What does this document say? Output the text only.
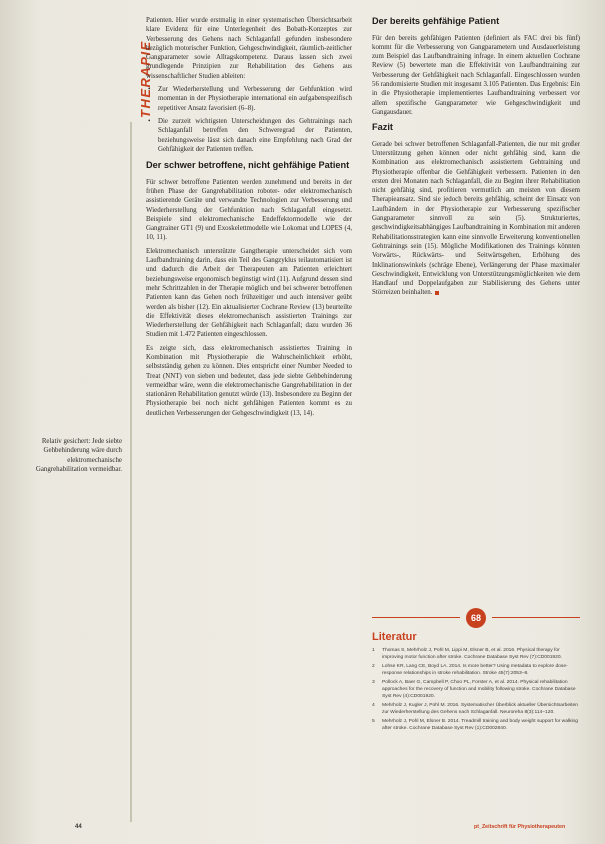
THERAPIE
Relativ gesichert: Jede siebte Gehbehinderung wäre durch elektromechanische Gangrehabilitation vermeidbar.

Patienten. Hier wurde erstmalig in einer systematischen Übersichtsarbeit klare Evidenz für eine Unterlegenheit des Bobath-Konzeptes zur Verbesserung des Gehens nach Schlaganfall gefunden insbesondere bezüglich motorischer Funktion, Gehgeschwindigkeit, räumlich-zeitlicher Gangparameter sowie Alltagskompetenz. Daraus lassen sich zwei grundlegende Prinzipien zur Rehabilitation des Gehens aus wissenschaftlicher Studien ableiten:

• Zur Wiederherstellung und Verbesserung der Gehfunktion wird momentan in der Physiotherapie international ein aufgabenspezifisch repetitiver Ansatz favorisiert (6–8).
• Die zurzeit wichtigsten Unterscheidungen des Gehtrainings nach Schlaganfall betreffen den Schweregrad der Patienten, beziehungsweise lässt sich danach eine Empfehlung nach Grad der Gehfähigkeit der Patienten treffen.
Der schwer betroffene, nicht gehfähige Patient

Für schwer betroffene Patienten werden zunehmend und bereits in der frühen Phase der Gangrehabilitation roboter- oder elektromechanisch assistierende Geräte und verwandte Technologien zur Verbesserung und Wiederherstellung der Gehfunktion nach Schlaganfall eingesetzt. Beispiele sind elektromechanische Endeffektormodelle wie der Gangtrainer GT1 (9) und Exoskelettmodelle wie Lokomat und LOPES (4, 10, 11).

Elektromechanisch unterstützte Gangtherapie unterscheidet sich vom Laufbandtraining darin, dass ein Teil des Gangzyklus teilautomatisiert ist und dadurch die Arbeit der Therapeuten am Patienten erleichtert beziehungsweise ergonomisch begünstigt wird (11). Aufgrund dessen sind mehr Schrittzahlen in der Therapie möglich und bei schwerer betroffenen Patienten kann das Gehen noch frühzeitiger und auch intensiver geübt werden als bisher (12). Ein aktualisierter Cochrane Review (13) beurteilte die Effektivität dieses elektromechanisch assistierten Trainings zur Wiederherstellung der Gehfähigkeit nach Schlaganfall; dazu wurden 36 Studien mit 1.472 Patienten eingeschlossen.

Es zeigte sich, dass elektromechanisch assistiertes Training in Kombination mit Physiotherapie die Wahrscheinlichkeit erhöht, selbstständig gehen zu können. Dies entspricht einer Number Needed to Treat (NNT) von sieben und bedeutet, dass jede siebte Gehbehinderung vermeidbar wäre, wenn die elektromechanische Gangrehabilitation in der stationären Rehabilitation genutzt würde (13). Insbesondere zu Beginn der Physiotherapie bei noch nicht gehfähigen Patienten kommt es zu deutlichen Verbesserungen der Gehgeschwindigkeit (13, 14).

Der bereits gehfähige Patient

Für den bereits gehfähigen Patienten (definiert als FAC drei bis fünf) kommt für die Verbesserung von Gangparametern und Ausdauerleistung zum Beispiel das Laufbandtraining infrage. In einem aktuellen Cochrane Review (5) bewertete man die Effektivität von Laufbandtraining zur Verbesserung der Gehfähigkeit nach Schlaganfall. Eingeschlossen wurden 56 randomisierte Studien mit insgesamt 3.105 Patienten. Das Ergebnis: Ein in die Physiotherapie implementiertes Laufbandtraining verbessert vor allem spezifische Gangparameter wie Gehgeschwindigkeit und Gangausdauer.

Fazit

Gerade bei schwer betroffenen Schlaganfall-Patienten, die nur mit großer Unterstützung gehen können oder nicht gehfähig sind, kann die Kombination aus elektromechanisch assistiertem Gehtraining und Physiotherapie offenbar die Gehfähigkeit verbessern. Patienten in den ersten drei Monaten nach Schlaganfall, die zu Beginn ihrer Rehabilitation nicht gehfähig sind, profitieren vermutlich am meisten von diesem Therapieansatz. Sind sie jedoch bereits gehfähig, scheint der Einsatz von Laufbändern in der Physiotherapie zur Verbesserung spezifischer Gangparameter sinnvoll zu sein (5). Strukturiertes, geschwindigkeitsabhängiges Laufbandtraining in Kombination mit anderen Rehabilitationsstrategien kann eine sinnvolle Erweiterung konventionellen Gehtrainings sein (15). Mögliche Modifikationen des Trainings könnten Vorwärts-, Rückwärts- und Seitwärtsgehen, Erhöhung des Inklinationswinkels (schräge Ebene), Verlängerung der Phase maximaler Geschwindigkeit, Entwicklung von Unterstützungsmöglichkeiten wie dem Handlauf und Doppelaufgaben zur Stabilisierung des Gehens unter Störreizen beinhalten.

68
Literatur
1 Thomas S, Mehrholz J, Pohl M, Lippi M, Elsner B, et al. 2016. Physical therapy for improving motor function after stroke. Cochrane Database Syst Rev (7):CD001920.
2 Lohse KR, Lang CE, Boyd LA. 2014. Is more better? Using metadata to explore dose-response relationships in stroke rehabilitation. Stroke 45(7):2053–8.
3 Pollock A, Baer G, Campbell P, Choo PL, Forster A, et al. 2014. Physical rehabilitation approaches for the recovery of function and mobility following stroke. Cochrane Database Syst Rev (4):CD001920.
4 Mehrholz J, Kugler J, Pohl M. 2016. Systematischer Überblick aktueller Übersichtsarbeiten zur Wiederherstellung des Gehens nach Schlaganfall. Neuroreha 8(3):114–120.
5 Mehrholz J, Pohl M, Elsner B. 2014. Treadmill training and body weight support for walking after stroke. Cochrane Database Syst Rev (1):CD002840.
44	pt_Zeitschrift für Physiotherapeuten
